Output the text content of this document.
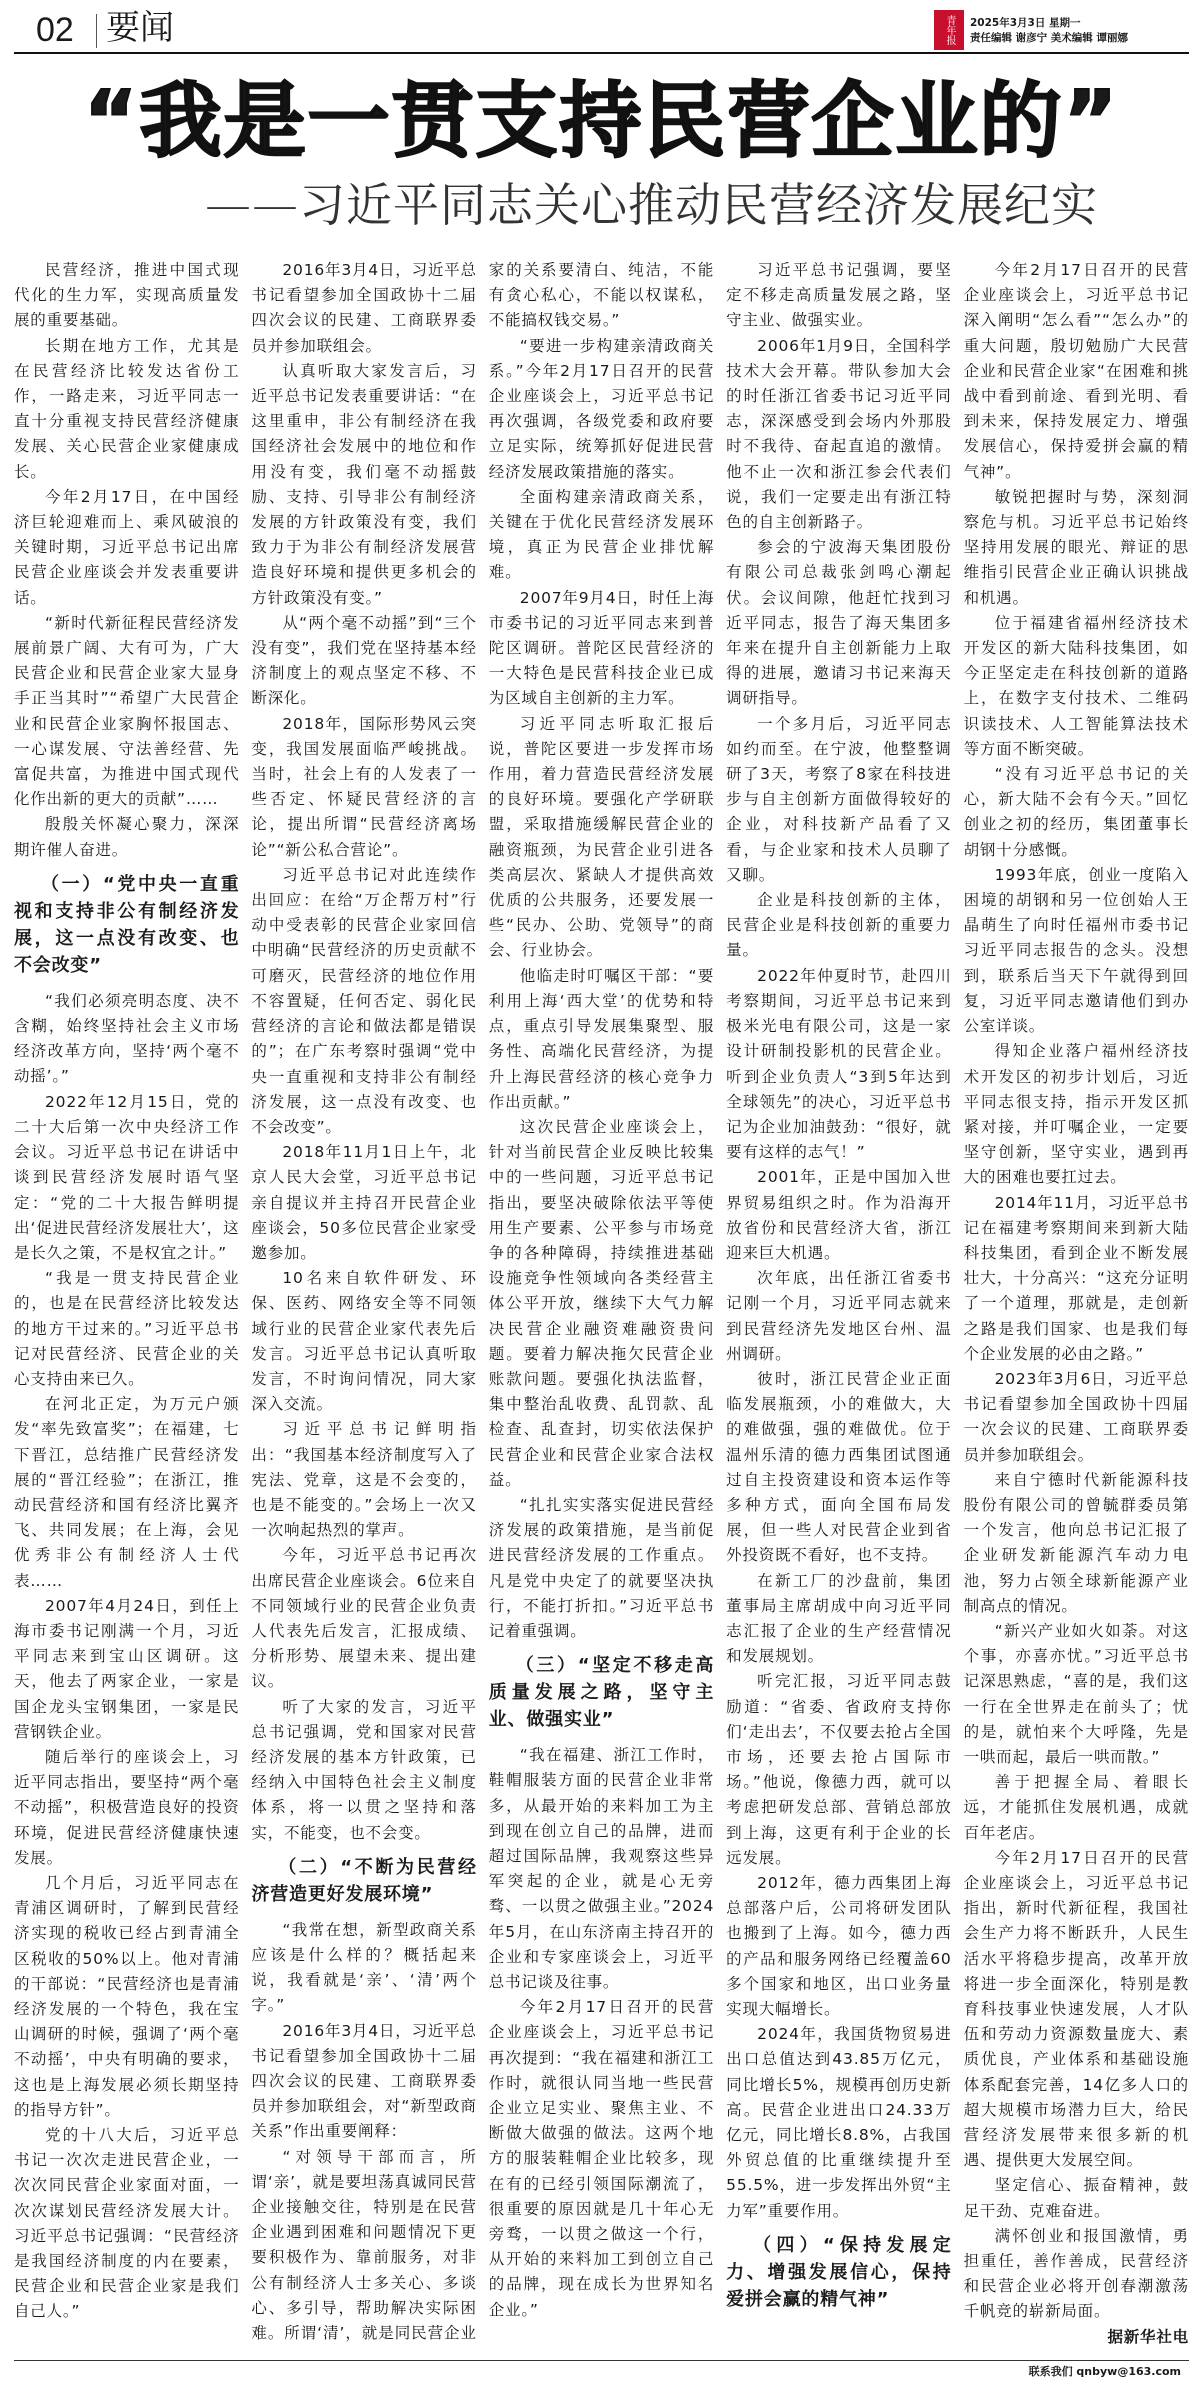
02 要闻	青年报	2025年3月3日 星期一
责任编辑 谢彦宁 美术编辑 谭丽娜
“我是一贯支持民营企业的”
——习近平同志关心推动民营经济发展纪实

民营经济，推进中国式现代化的生力军，实现高质量发展的重要基础。

长期在地方工作，尤其是在民营经济比较发达省份工作，一路走来，习近平同志一直十分重视支持民营经济健康发展、关心民营企业家健康成长。

今年2月17日，在中国经济巨轮迎难而上、乘风破浪的关键时期，习近平总书记出席民营企业座谈会并发表重要讲话。

“新时代新征程民营经济发展前景广阔、大有可为，广大民营企业和民营企业家大显身手正当其时”“希望广大民营企业和民营企业家胸怀报国志、一心谋发展、守法善经营、先富促共富，为推进中国式现代化作出新的更大的贡献”……

殷殷关怀凝心聚力，深深期许催人奋进。

（一）“党中央一直重视和支持非公有制经济发展，这一点没有改变、也不会改变”

“我们必须亮明态度、决不含糊，始终坚持社会主义市场经济改革方向，坚持‘两个毫不动摇’。”

2022年12月15日，党的二十大后第一次中央经济工作会议。习近平总书记在讲话中谈到民营经济发展时语气坚定：“党的二十大报告鲜明提出‘促进民营经济发展壮大’，这是长久之策，不是权宜之计。”

“我是一贯支持民营企业的，也是在民营经济比较发达的地方干过来的。”习近平总书记对民营经济、民营企业的关心支持由来已久。

在河北正定，为万元户颁发“率先致富奖”；在福建，七下晋江，总结推广民营经济发展的“晋江经验”；在浙江，推动民营经济和国有经济比翼齐飞、共同发展；在上海，会见优秀非公有制经济人士代表……

2007年4月24日，到任上海市委书记刚满一个月，习近平同志来到宝山区调研。这天，他去了两家企业，一家是国企龙头宝钢集团，一家是民营钢铁企业。

随后举行的座谈会上，习近平同志指出，要坚持“两个毫不动摇”，积极营造良好的投资环境，促进民营经济健康快速发展。

几个月后，习近平同志在青浦区调研时，了解到民营经济实现的税收已经占到青浦全区税收的50%以上。他对青浦的干部说：“民营经济也是青浦经济发展的一个特色，我在宝山调研的时候，强调了‘两个毫不动摇’，中央有明确的要求，这也是上海发展必须长期坚持的指导方针”。

党的十八大后，习近平总书记一次次走进民营企业，一次次同民营企业家面对面，一次次谋划民营经济发展大计。习近平总书记强调：“民营经济是我国经济制度的内在要素，民营企业和民营企业家是我们自己人。”

2016年3月4日，习近平总书记看望参加全国政协十二届四次会议的民建、工商联界委员并参加联组会。

认真听取大家发言后，习近平总书记发表重要讲话：“在这里重申，非公有制经济在我国经济社会发展中的地位和作用没有变，我们毫不动摇鼓励、支持、引导非公有制经济发展的方针政策没有变，我们致力于为非公有制经济发展营造良好环境和提供更多机会的方针政策没有变。”

从“两个毫不动摇”到“三个没有变”，我们党在坚持基本经济制度上的观点坚定不移、不断深化。

2018年，国际形势风云突变，我国发展面临严峻挑战。当时，社会上有的人发表了一些否定、怀疑民营经济的言论，提出所谓“民营经济离场论”“新公私合营论”。

习近平总书记对此连续作出回应：在给“万企帮万村”行动中受表彰的民营企业家回信中明确“民营经济的历史贡献不可磨灭，民营经济的地位作用不容置疑，任何否定、弱化民营经济的言论和做法都是错误的”；在广东考察时强调“党中央一直重视和支持非公有制经济发展，这一点没有改变、也不会改变”。

2018年11月1日上午，北京人民大会堂，习近平总书记亲自提议并主持召开民营企业座谈会，50多位民营企业家受邀参加。

10名来自软件研发、环保、医药、网络安全等不同领域行业的民营企业家代表先后发言。习近平总书记认真听取发言，不时询问情况，同大家深入交流。

习近平总书记鲜明指出：“我国基本经济制度写入了宪法、党章，这是不会变的，也是不能变的。”会场上一次又一次响起热烈的掌声。

今年，习近平总书记再次出席民营企业座谈会。6位来自不同领域行业的民营企业负责人代表先后发言，汇报成绩、分析形势、展望未来、提出建议。

听了大家的发言，习近平总书记强调，党和国家对民营经济发展的基本方针政策，已经纳入中国特色社会主义制度体系，将一以贯之坚持和落实，不能变，也不会变。

（二）“不断为民营经济营造更好发展环境”

“我常在想，新型政商关系应该是什么样的？概括起来说，我看就是‘亲’、‘清’两个字。”

2016年3月4日，习近平总书记看望参加全国政协十二届四次会议的民建、工商联界委员并参加联组会，对“新型政商关系”作出重要阐释：

“对领导干部而言，所谓‘亲’，就是要坦荡真诚同民营企业接触交往，特别是在民营企业遇到困难和问题情况下更要积极作为、靠前服务，对非公有制经济人士多关心、多谈心、多引导，帮助解决实际困难。所谓‘清’，就是同民营企业家的关系要清白、纯洁，不能有贪心私心，不能以权谋私，不能搞权钱交易。”

“要进一步构建亲清政商关系。”今年2月17日召开的民营企业座谈会上，习近平总书记再次强调，各级党委和政府要立足实际，统筹抓好促进民营经济发展政策措施的落实。

全面构建亲清政商关系，关键在于优化民营经济发展环境，真正为民营企业排忧解难。

2007年9月4日，时任上海市委书记的习近平同志来到普陀区调研。普陀区民营经济的一大特色是民营科技企业已成为区域自主创新的主力军。

习近平同志听取汇报后说，普陀区要进一步发挥市场作用，着力营造民营经济发展的良好环境。要强化产学研联盟，采取措施缓解民营企业的融资瓶颈，为民营企业引进各类高层次、紧缺人才提供高效优质的公共服务，还要发展一些“民办、公助、党领导”的商会、行业协会。

他临走时叮嘱区干部：“要利用上海‘西大堂’的优势和特点，重点引导发展集聚型、服务性、高端化民营经济，为提升上海民营经济的核心竞争力作出贡献。”

这次民营企业座谈会上，针对当前民营企业反映比较集中的一些问题，习近平总书记指出，要坚决破除依法平等使用生产要素、公平参与市场竞争的各种障碍，持续推进基础设施竞争性领域向各类经营主体公平开放，继续下大气力解决民营企业融资难融资贵问题。要着力解决拖欠民营企业账款问题。要强化执法监督，集中整治乱收费、乱罚款、乱检查、乱查封，切实依法保护民营企业和民营企业家合法权益。

“扎扎实实落实促进民营经济发展的政策措施，是当前促进民营经济发展的工作重点。凡是党中央定了的就要坚决执行，不能打折扣。”习近平总书记着重强调。

（三）“坚定不移走高质量发展之路，坚守主业、做强实业”

“我在福建、浙江工作时，鞋帽服装方面的民营企业非常多，从最开始的来料加工为主到现在创立自己的品牌，进而超过国际品牌，我观察这些异军突起的企业，就是心无旁骛、一以贯之做强主业。”2024年5月，在山东济南主持召开的企业和专家座谈会上，习近平总书记谈及往事。

今年2月17日召开的民营企业座谈会上，习近平总书记再次提到：“我在福建和浙江工作时，就很认同当地一些民营企业立足实业、聚焦主业、不断做大做强的做法。这两个地方的服装鞋帽企业比较多，现在有的已经引领国际潮流了，很重要的原因就是几十年心无旁骛，一以贯之做这一个行，从开始的来料加工到创立自己的品牌，现在成长为世界知名企业。”

习近平总书记强调，要坚定不移走高质量发展之路，坚守主业、做强实业。

2006年1月9日，全国科学技术大会开幕。带队参加大会的时任浙江省委书记习近平同志，深深感受到会场内外那股时不我待、奋起直追的激情。他不止一次和浙江参会代表们说，我们一定要走出有浙江特色的自主创新路子。

参会的宁波海天集团股份有限公司总裁张剑鸣心潮起伏。会议间隙，他赶忙找到习近平同志，报告了海天集团多年来在提升自主创新能力上取得的进展，邀请习书记来海天调研指导。

一个多月后，习近平同志如约而至。在宁波，他整整调研了3天，考察了8家在科技进步与自主创新方面做得较好的企业，对科技新产品看了又看，与企业家和技术人员聊了又聊。

企业是科技创新的主体，民营企业是科技创新的重要力量。

2022年仲夏时节，赴四川考察期间，习近平总书记来到极米光电有限公司，这是一家设计研制投影机的民营企业。听到企业负责人“3到5年达到全球领先”的决心，习近平总书记为企业加油鼓劲：“很好，就要有这样的志气！”

2001年，正是中国加入世界贸易组织之时。作为沿海开放省份和民营经济大省，浙江迎来巨大机遇。

次年底，出任浙江省委书记刚一个月，习近平同志就来到民营经济先发地区台州、温州调研。

彼时，浙江民营企业正面临发展瓶颈，小的难做大，大的难做强，强的难做优。位于温州乐清的德力西集团试图通过自主投资建设和资本运作等多种方式，面向全国布局发展，但一些人对民营企业到省外投资既不看好，也不支持。

在新工厂的沙盘前，集团董事局主席胡成中向习近平同志汇报了企业的生产经营情况和发展规划。

听完汇报，习近平同志鼓励道：“省委、省政府支持你们‘走出去’，不仅要去抢占全国市场，还要去抢占国际市场。”他说，像德力西，就可以考虑把研发总部、营销总部放到上海，这更有利于企业的长远发展。

2012年，德力西集团上海总部落户后，公司将研发团队也搬到了上海。如今，德力西的产品和服务网络已经覆盖60多个国家和地区，出口业务量实现大幅增长。

2024年，我国货物贸易进出口总值达到43.85万亿元，同比增长5%，规模再创历史新高。民营企业进出口24.33万亿元，同比增长8.8%，占我国外贸总值的比重继续提升至55.5%，进一步发挥出外贸“主力军”重要作用。

（四）“保持发展定力、增强发展信心，保持爱拼会赢的精气神”

今年2月17日召开的民营企业座谈会上，习近平总书记深入阐明“怎么看”“怎么办”的重大问题，殷切勉励广大民营企业和民营企业家“在困难和挑战中看到前途、看到光明、看到未来，保持发展定力、增强发展信心，保持爱拼会赢的精气神”。

敏锐把握时与势，深刻洞察危与机。习近平总书记始终坚持用发展的眼光、辩证的思维指引民营企业正确认识挑战和机遇。

位于福建省福州经济技术开发区的新大陆科技集团，如今正坚定走在科技创新的道路上，在数字支付技术、二维码识读技术、人工智能算法技术等方面不断突破。

“没有习近平总书记的关心，新大陆不会有今天。”回忆创业之初的经历，集团董事长胡钢十分感慨。

1993年底，创业一度陷入困境的胡钢和另一位创始人王晶萌生了向时任福州市委书记习近平同志报告的念头。没想到，联系后当天下午就得到回复，习近平同志邀请他们到办公室详谈。

得知企业落户福州经济技术开发区的初步计划后，习近平同志很支持，指示开发区抓紧对接，并叮嘱企业，一定要坚守创新，坚守实业，遇到再大的困难也要扛过去。

2014年11月，习近平总书记在福建考察期间来到新大陆科技集团，看到企业不断发展壮大，十分高兴：“这充分证明了一个道理，那就是，走创新之路是我们国家、也是我们每个企业发展的必由之路。”

2023年3月6日，习近平总书记看望参加全国政协十四届一次会议的民建、工商联界委员并参加联组会。

来自宁德时代新能源科技股份有限公司的曾毓群委员第一个发言，他向总书记汇报了企业研发新能源汽车动力电池，努力占领全球新能源产业制高点的情况。

“新兴产业如火如荼。对这个事，亦喜亦忧。”习近平总书记深思熟虑，“喜的是，我们这一行在全世界走在前头了；忧的是，就怕来个大呼隆，先是一哄而起，最后一哄而散。”

善于把握全局、着眼长远，才能抓住发展机遇，成就百年老店。

今年2月17日召开的民营企业座谈会上，习近平总书记指出，新时代新征程，我国社会生产力将不断跃升，人民生活水平将稳步提高，改革开放将进一步全面深化，特别是教育科技事业快速发展，人才队伍和劳动力资源数量庞大、素质优良，产业体系和基础设施体系配套完善，14亿多人口的超大规模市场潜力巨大，给民营经济发展带来很多新的机遇、提供更大发展空间。

坚定信心、振奋精神，鼓足干劲、克难奋进。

满怀创业和报国激情，勇担重任，善作善成，民营经济和民营企业必将开创春潮激荡千帆竞的崭新局面。

据新华社电

联系我们 qnbyw@163.com
